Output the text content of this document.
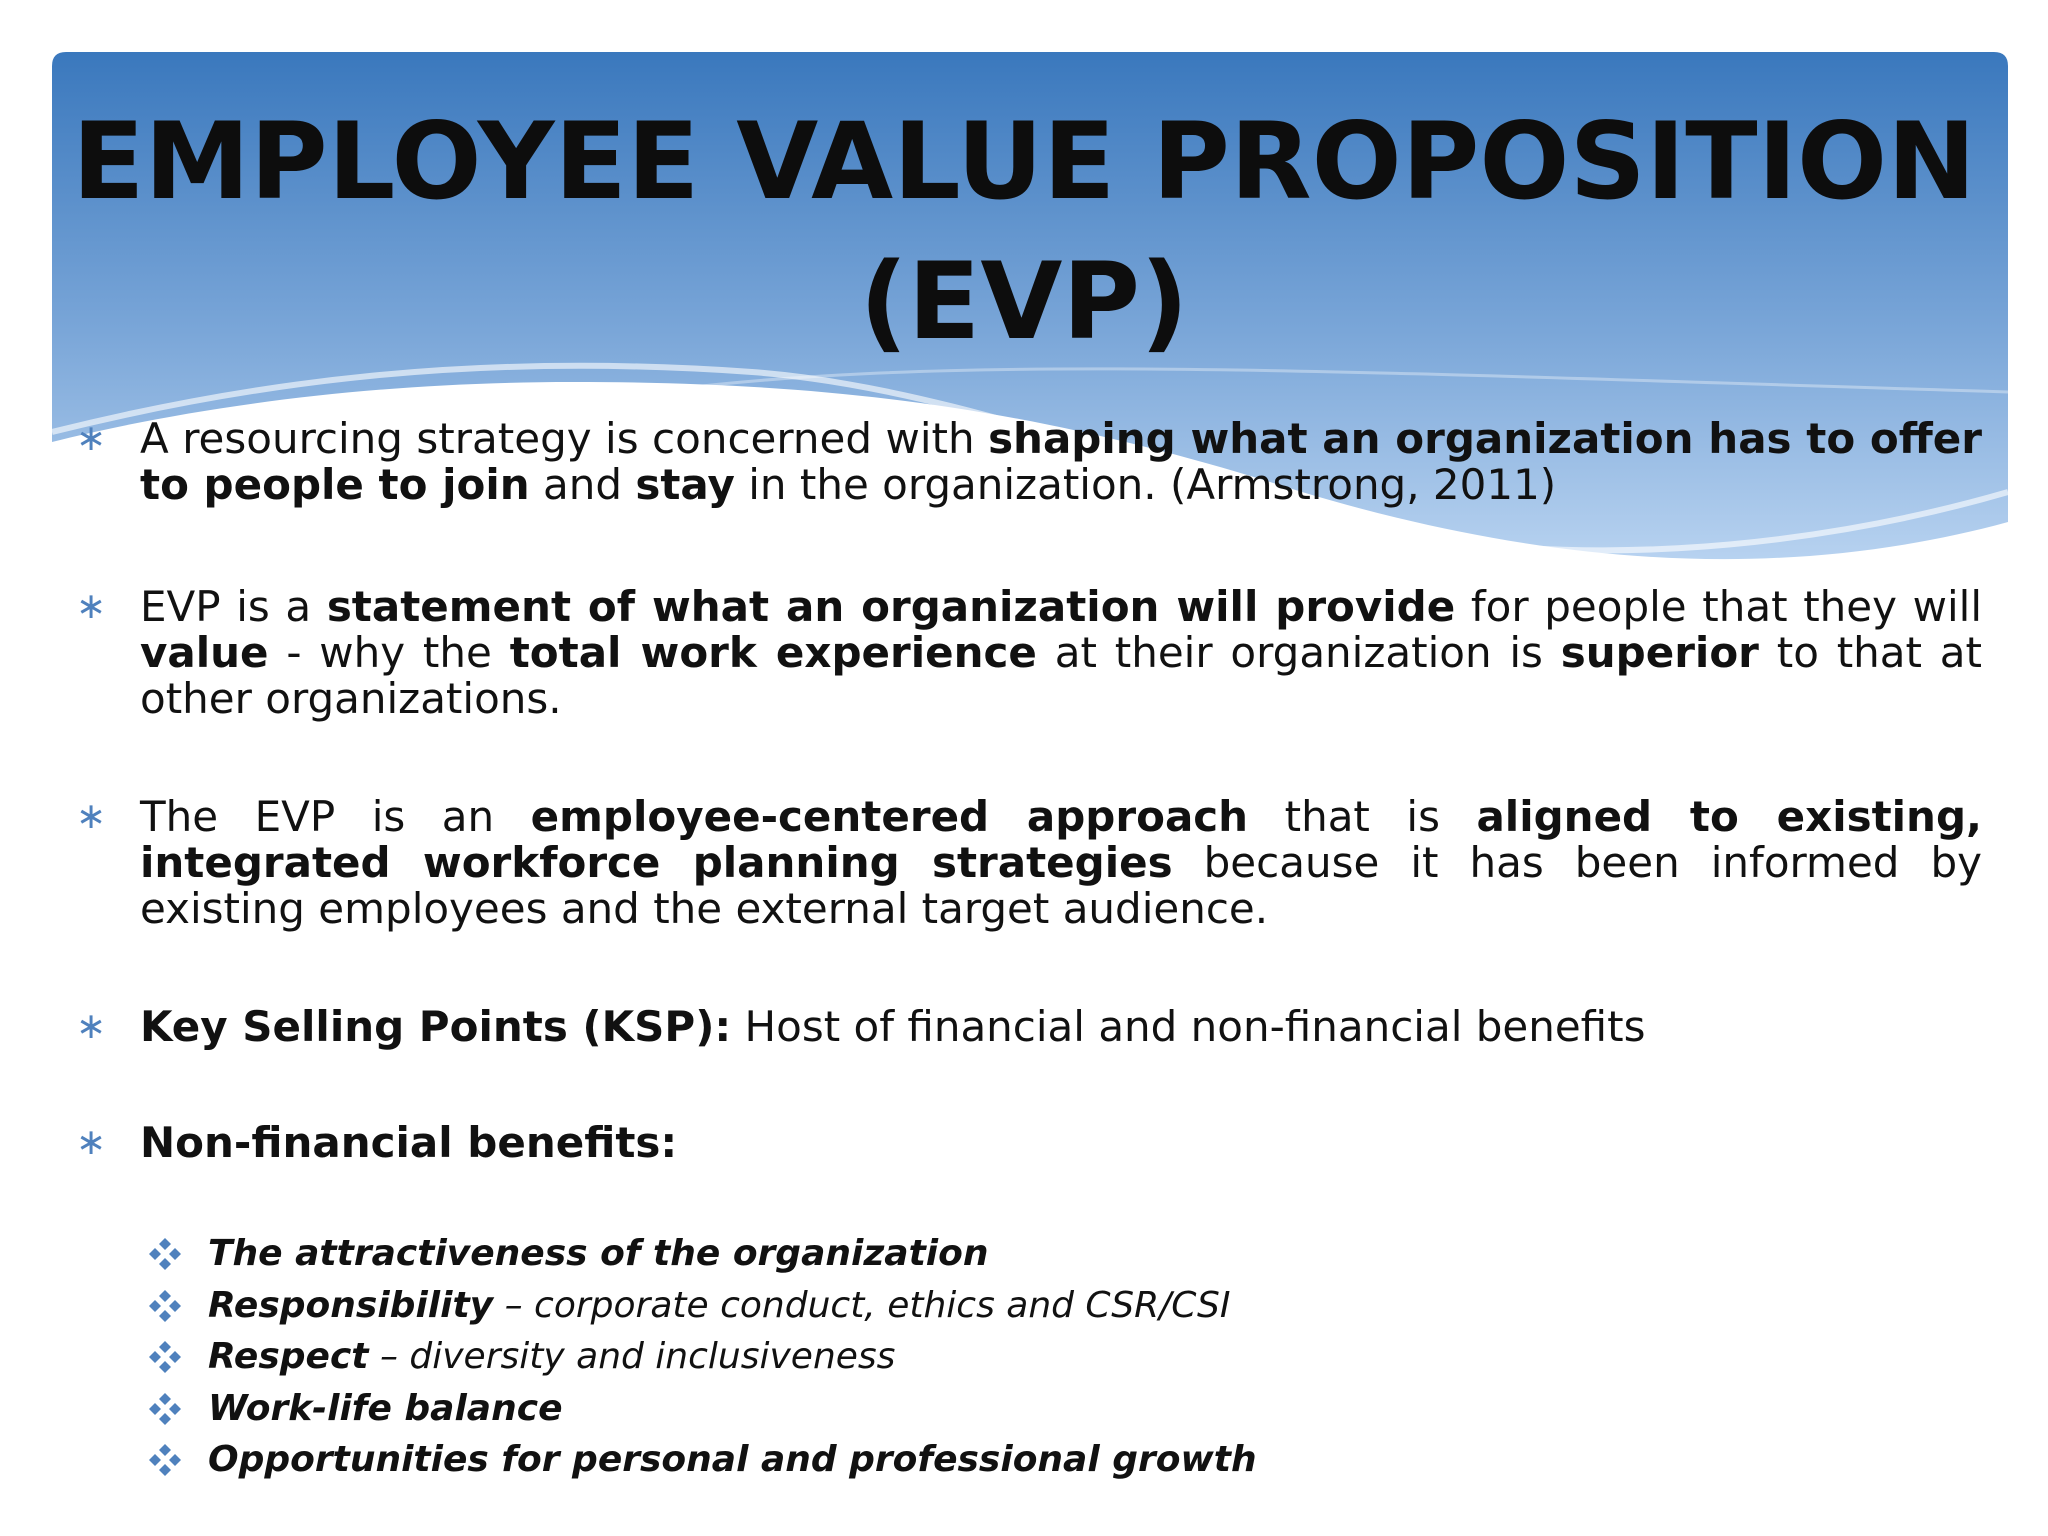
EMPLOYEE VALUE PROPOSITION (EVP)
∗ A resourcing strategy is concerned with shaping what an organization has to offer to people to join and stay in the organization. (Armstrong, 2011)
∗ EVP is a statement of what an organization will provide for people that they will value - why the total work experience at their organization is superior to that at other organizations.
∗ The EVP is an employee-centered approach that is aligned to existing, integrated workforce planning strategies because it has been informed by existing employees and the external target audience.
∗ Key Selling Points (KSP): Host of financial and non-financial benefits
∗ Non-financial benefits:
The attractiveness of the organization
Responsibility – corporate conduct, ethics and CSR/CSI
Respect – diversity and inclusiveness
Work-life balance
Opportunities for personal and professional growth
